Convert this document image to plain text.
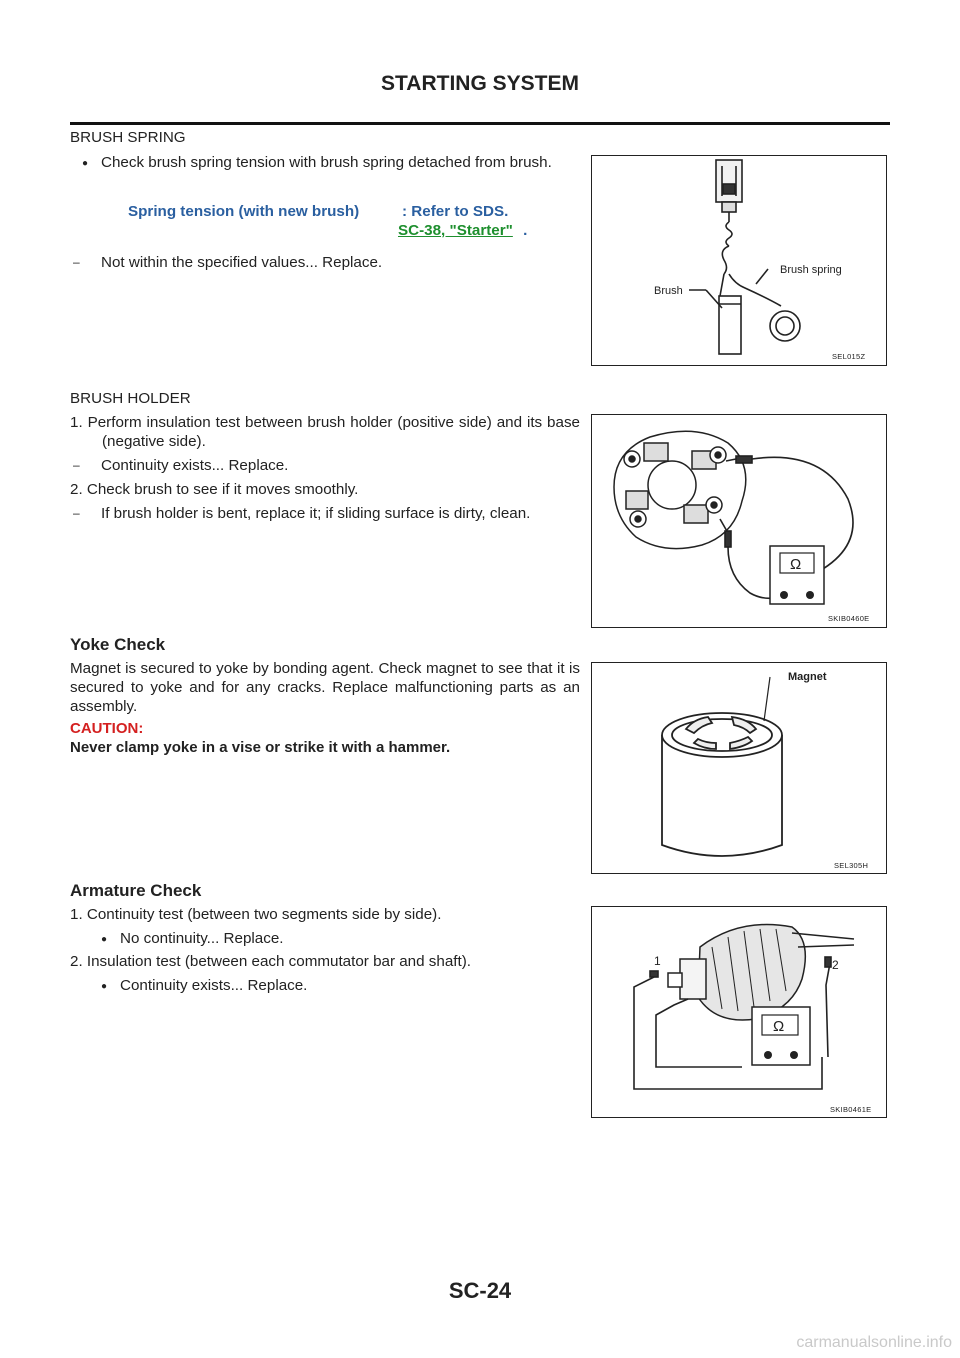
STARTING SYSTEM
BRUSH SPRING
● Check brush spring tension with brush spring detached from brush.
Spring tension (with new brush)	: Refer to SDS.
SC-38, "Starter" .
– Not within the specified values... Replace.
Brush
Brush spring
SEL015Z
BRUSH HOLDER
1. Perform insulation test between brush holder (positive side) and its base (negative side).
– Continuity exists... Replace.
2. Check brush to see if it moves smoothly.
– If brush holder is bent, replace it; if sliding surface is dirty, clean.
Ω
SKIB0460E
Yoke Check
Magnet is secured to yoke by bonding agent. Check magnet to see that it is secured to yoke and for any cracks. Replace malfunctioning parts as an assembly.
CAUTION:
Never clamp yoke in a vise or strike it with a hammer.
Magnet
SEL305H
Armature Check
1. Continuity test (between two segments side by side).
● No continuity... Replace.
2. Insulation test (between each commutator bar and shaft).
● Continuity exists... Replace.
Ω
1	2
SKIB0461E
SC-24
carmanualsonline.info
